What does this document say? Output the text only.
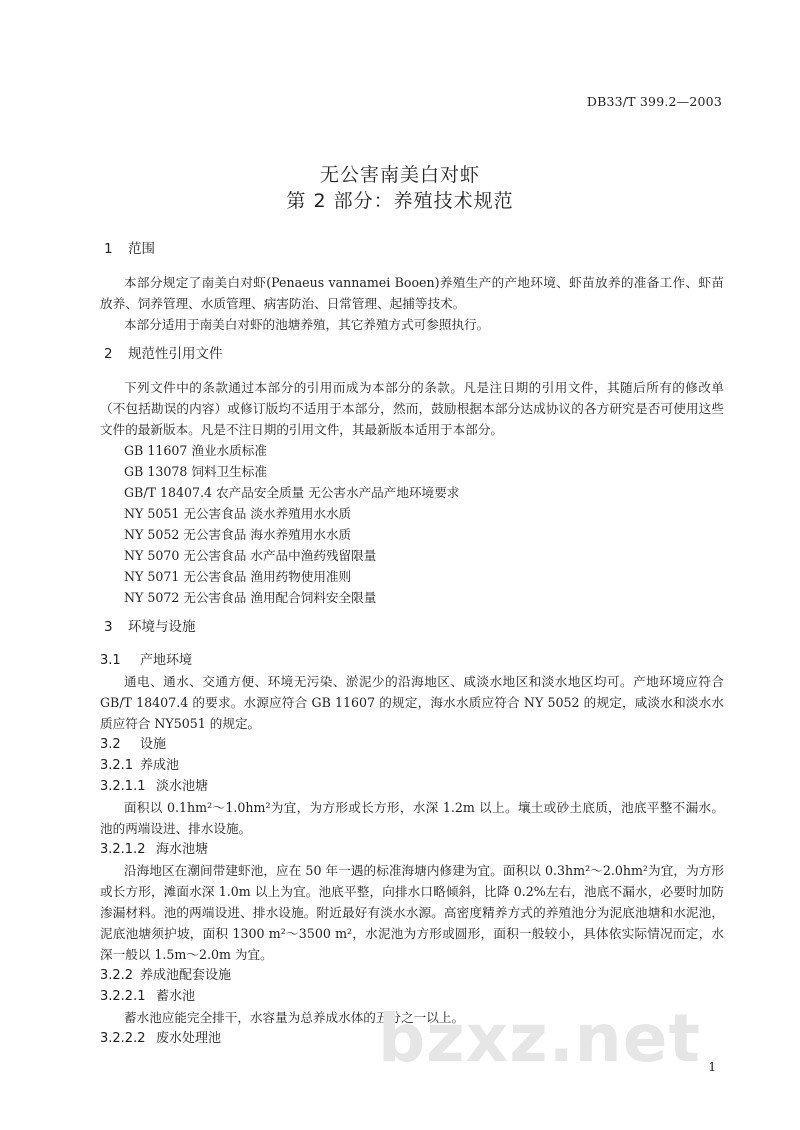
DB33/T 399.2—2003
无公害南美白对虾
第 2 部分：养殖技术规范
1 范围

本部分规定了南美白对虾(Penaeus vannamei Booen)养殖生产的产地环境、虾苗放养的准备工作、虾苗放养、饲养管理、水质管理、病害防治、日常管理、起捕等技术。

本部分适用于南美白对虾的池塘养殖，其它养殖方式可参照执行。

2 规范性引用文件

下列文件中的条款通过本部分的引用而成为本部分的条款。凡是注日期的引用文件，其随后所有的修改单（不包括勘误的内容）或修订版均不适用于本部分，然而，鼓励根据本部分达成协议的各方研究是否可使用这些文件的最新版本。凡是不注日期的引用文件，其最新版本适用于本部分。

GB 11607 渔业水质标准
GB 13078 饲料卫生标准
GB/T 18407.4 农产品安全质量 无公害水产品产地环境要求
NY 5051 无公害食品 淡水养殖用水水质
NY 5052 无公害食品 海水养殖用水水质
NY 5070 无公害食品 水产品中渔药残留限量
NY 5071 无公害食品 渔用药物使用准则
NY 5072 无公害食品 渔用配合饲料安全限量
3 环境与设施
3.1 产地环境

通电、通水、交通方便、环境无污染、淤泥少的沿海地区、咸淡水地区和淡水地区均可。产地环境应符合GB/T 18407.4 的要求。水源应符合 GB 11607 的规定，海水水质应符合 NY 5052 的规定，咸淡水和淡水水质应符合 NY5051 的规定。

3.2 设施
3.2.1 养成池
3.2.1.1 淡水池塘

面积以 0.1hm²～1.0hm²为宜，为方形或长方形，水深 1.2m 以上。壤土或砂土底质，池底平整不漏水。池的两端设进、排水设施。

3.2.1.2 海水池塘

沿海地区在潮间带建虾池，应在 50 年一遇的标准海塘内修建为宜。面积以 0.3hm²～2.0hm²为宜，为方形或长方形，滩面水深 1.0m 以上为宜。池底平整，向排水口略倾斜，比降 0.2%左右，池底不漏水，必要时加防渗漏材料。池的两端设进、排水设施。附近最好有淡水水源。高密度精养方式的养殖池分为泥底池塘和水泥池，泥底池塘须护坡，面积 1300 m²～3500 m²，水泥池为方形或圆形，面积一般较小，具体依实际情况而定，水深一般以 1.5m～2.0m 为宜。

3.2.2 养成池配套设施
3.2.2.1 蓄水池

蓄水池应能完全排干，水容量为总养成水体的五分之一以上。

3.2.2.2 废水处理池	bzxz.net 1
